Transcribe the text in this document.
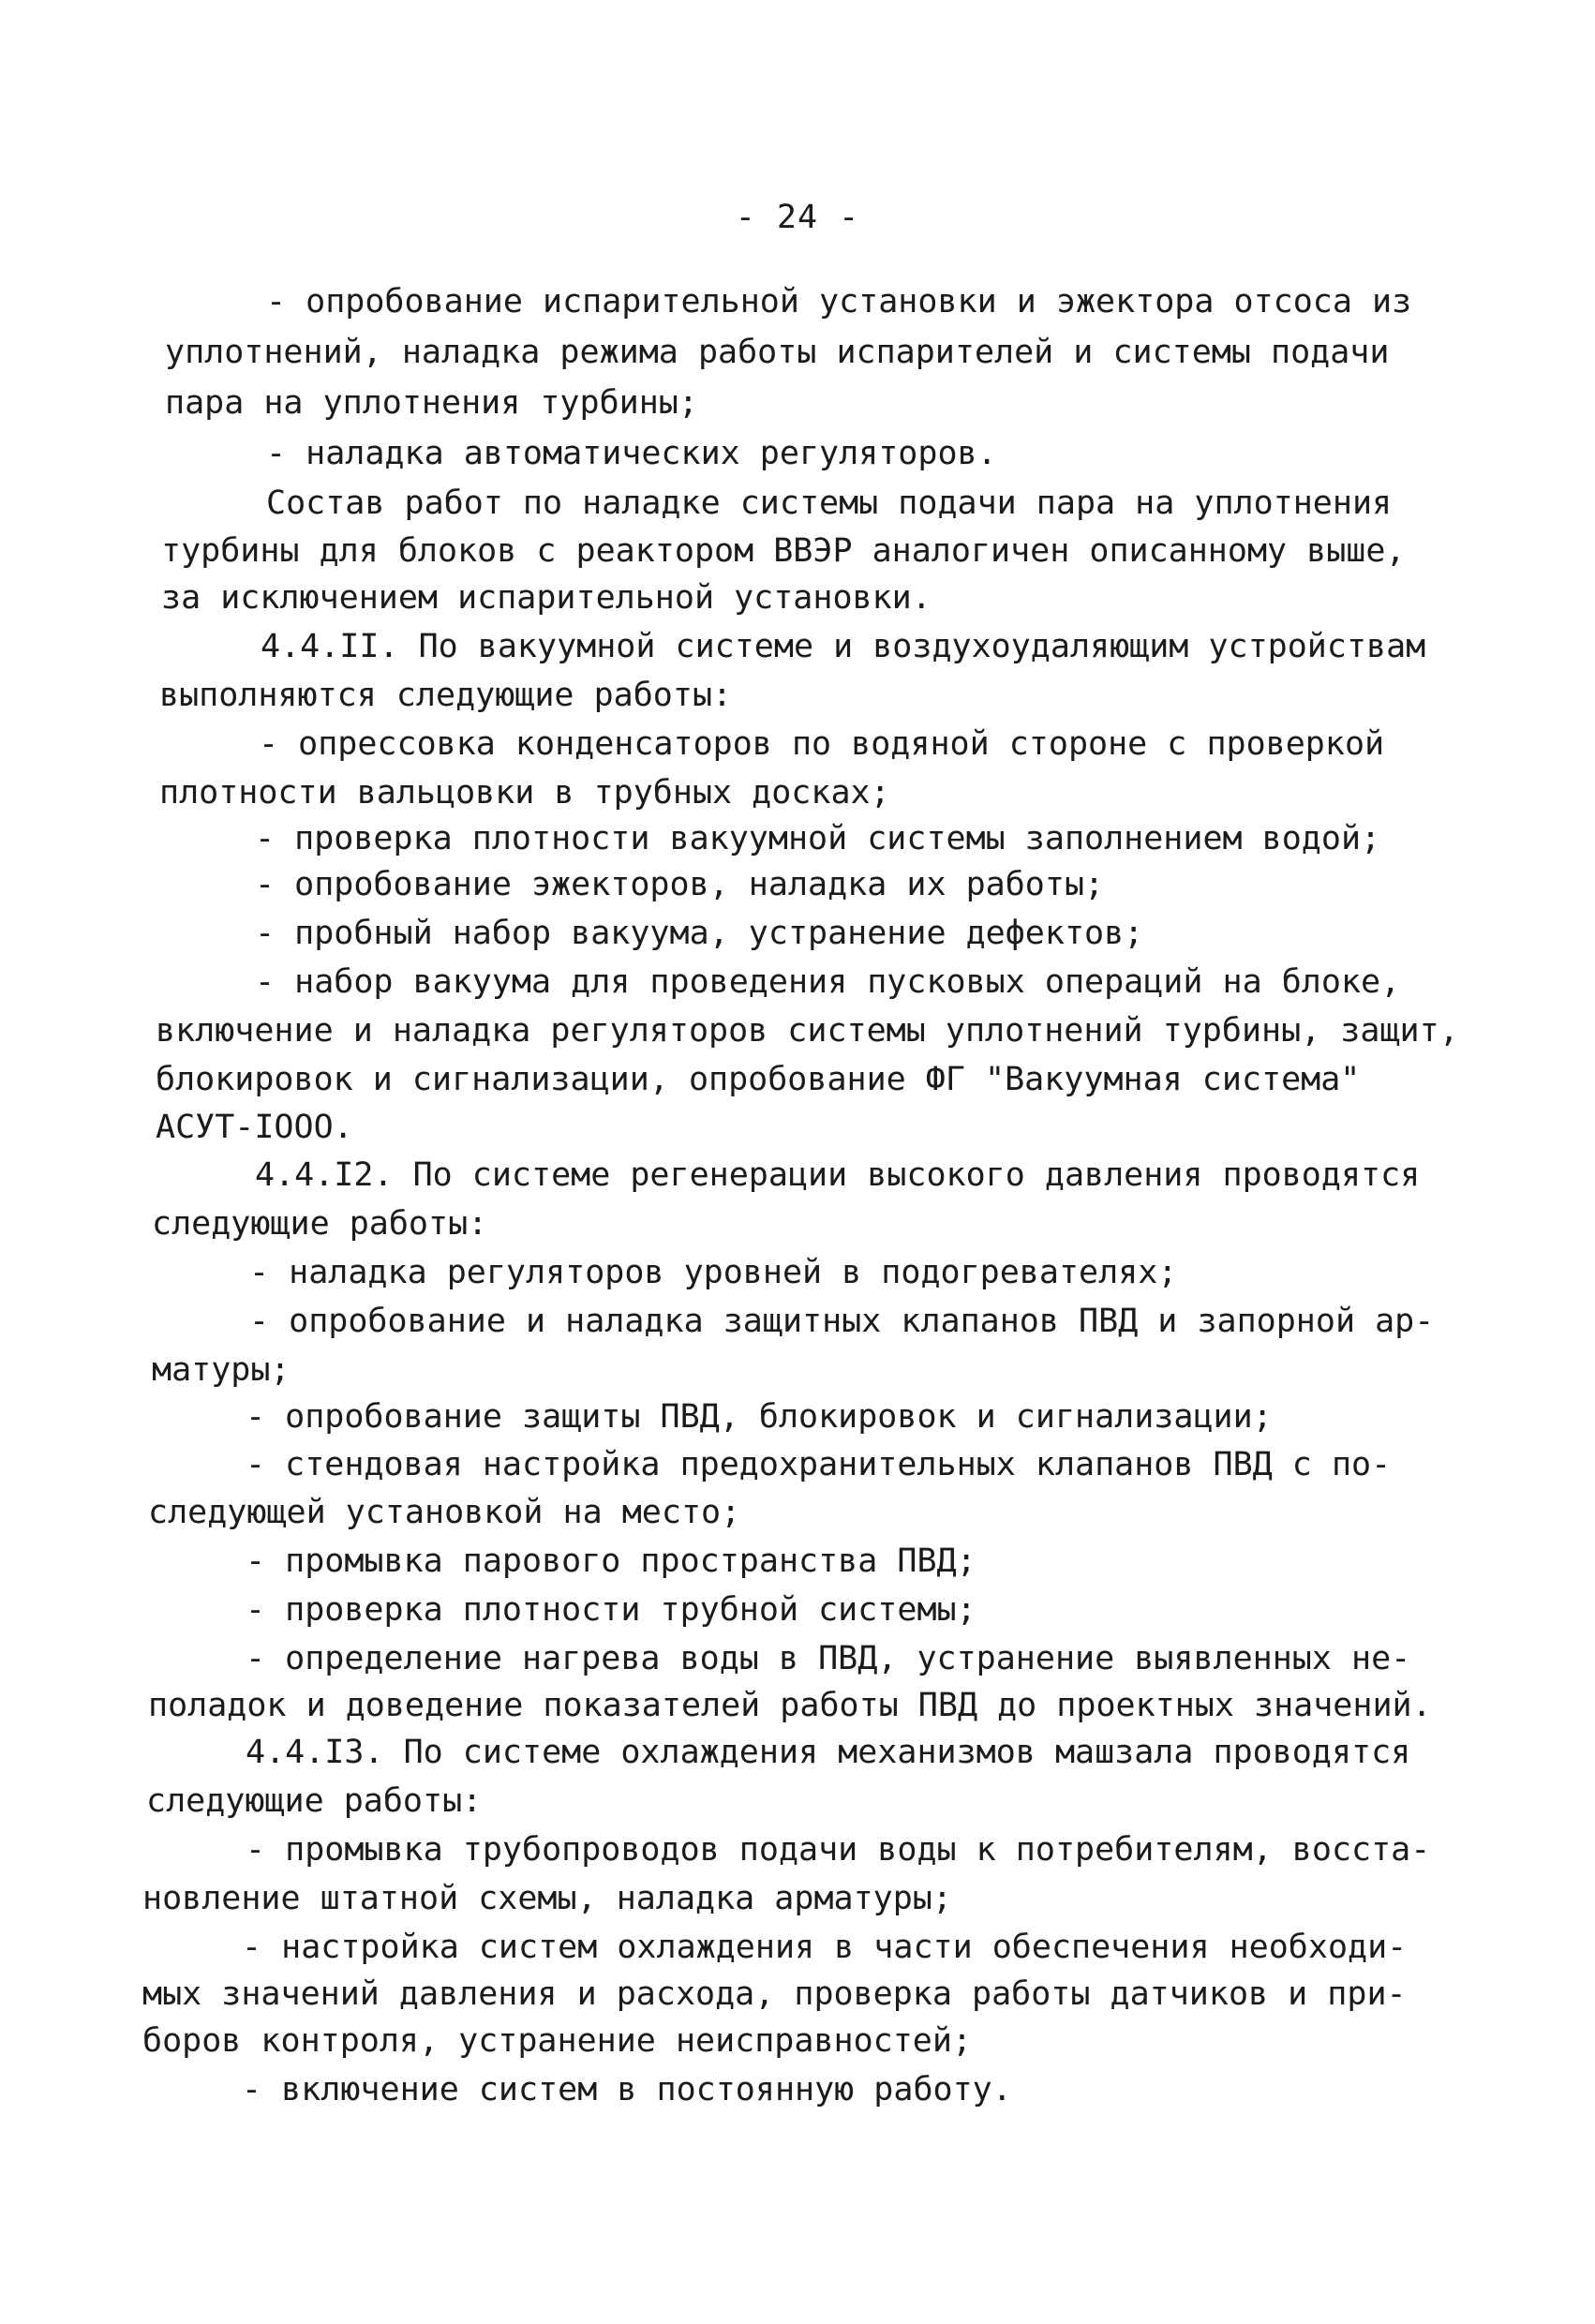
- 24 -
- опробование испарительной установки и эжектора отсоса из
уплотнений, наладка режима работы испарителей и системы подачи
пара на уплотнения турбины;
- наладка автоматических регуляторов.
Состав работ по наладке системы подачи пара на уплотнения
турбины для блоков с реактором ВВЭР аналогичен описанному выше,
за исключением испарительной установки.
4.4.II. По вакуумной системе и воздухоудаляющим устройствам
выполняются следующие работы:
- опрессовка конденсаторов по водяной стороне с проверкой
плотности вальцовки в трубных досках;
- проверка плотности вакуумной системы заполнением водой;
- опробование эжекторов, наладка их работы;
- пробный набор вакуума, устранение дефектов;
- набор вакуума для проведения пусковых операций на блоке,
включение и наладка регуляторов системы уплотнений турбины, защит,
блокировок и сигнализации, опробование ФГ "Вакуумная система"
АСУТ-IOOO.
4.4.I2. По системе регенерации высокого давления проводятся
следующие работы:
- наладка регуляторов уровней в подогревателях;
- опробование и наладка защитных клапанов ПВД и запорной ар-
матуры;
- опробование защиты ПВД, блокировок и сигнализации;
- стендовая настройка предохранительных клапанов ПВД с по-
следующей установкой на место;
- промывка парового пространства ПВД;
- проверка плотности трубной системы;
- определение нагрева воды в ПВД, устранение выявленных не-
поладок и доведение показателей работы ПВД до проектных значений.
4.4.I3. По системе охлаждения механизмов машзала проводятся
следующие работы:
- промывка трубопроводов подачи воды к потребителям, восста-
новление штатной схемы, наладка арматуры;
- настройка систем охлаждения в части обеспечения необходи-
мых значений давления и расхода, проверка работы датчиков и при-
боров контроля, устранение неисправностей;
- включение систем в постоянную работу.
